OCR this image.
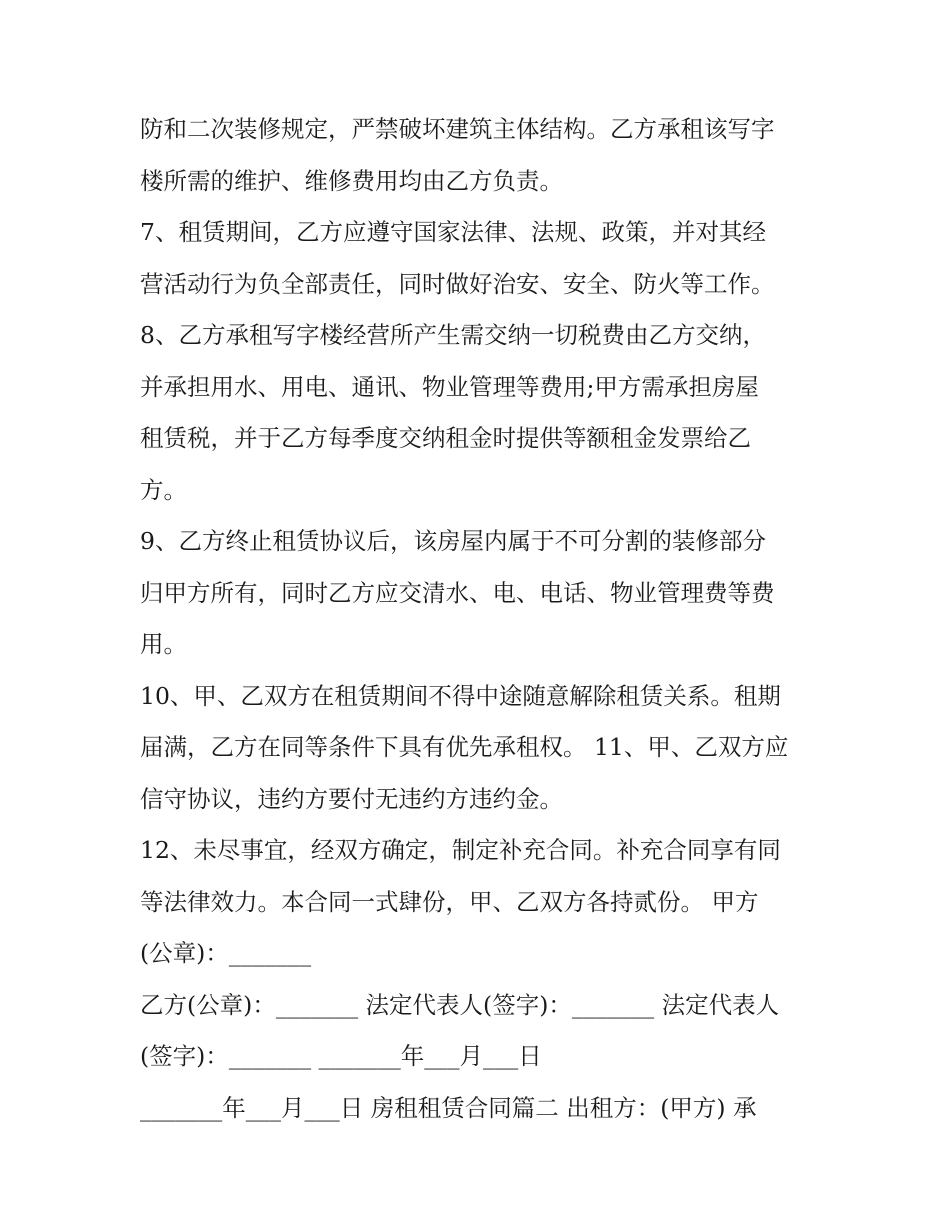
防和二次装修规定，严禁破坏建筑主体结构。乙方承租该写字
楼所需的维护、维修费用均由乙方负责。
7、租赁期间，乙方应遵守国家法律、法规、政策，并对其经
营活动行为负全部责任，同时做好治安、安全、防火等工作。
8、乙方承租写字楼经营所产生需交纳一切税费由乙方交纳，
并承担用水、用电、通讯、物业管理等费用;甲方需承担房屋
租赁税，并于乙方每季度交纳租金时提供等额租金发票给乙
方。
9、乙方终止租赁协议后，该房屋内属于不可分割的装修部分
归甲方所有，同时乙方应交清水、电、电话、物业管理费等费
用。
10、甲、乙双方在租赁期间不得中途随意解除租赁关系。租期
届满，乙方在同等条件下具有优先承租权。 11、甲、乙双方应
信守协议，违约方要付无违约方违约金。
12、未尽事宜，经双方确定，制定补充合同。补充合同享有同
等法律效力。本合同一式肆份，甲、乙双方各持贰份。 甲方
(公章)：_______
乙方(公章)：_______ 法定代表人(签字)：_______ 法定代表人
(签字)：_______ _______年___月___日
_______年___月___日 房租租赁合同篇二 出租方：(甲方) 承
